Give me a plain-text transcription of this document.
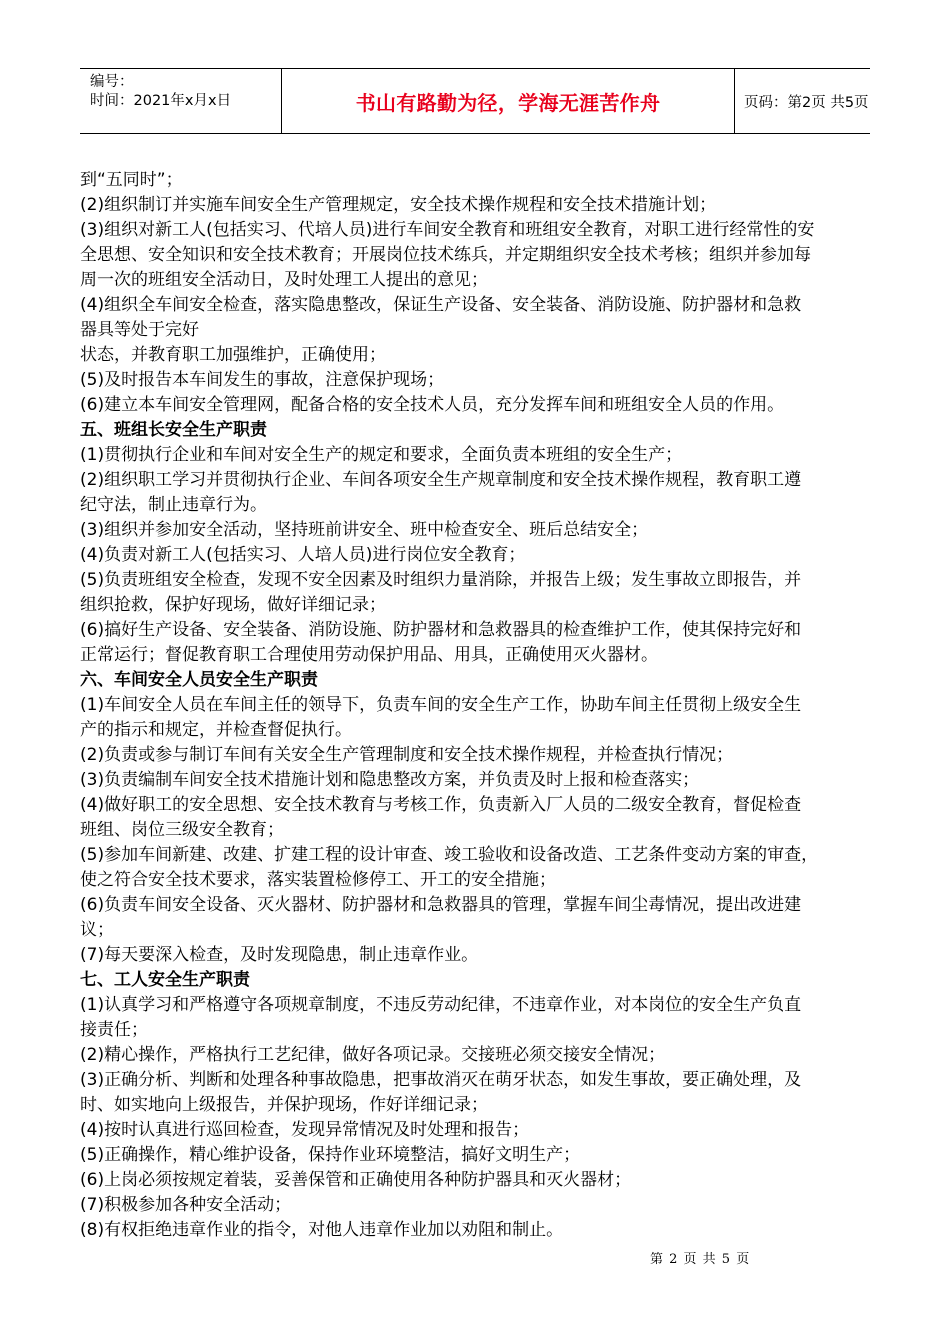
编号：
时间：2021年x月x日	书山有路勤为径，学海无涯苦作舟	页码：第2页 共5页

到“五同时”；

(2)组织制订并实施车间安全生产管理规定，安全技术操作规程和安全技术措施计划；

(3)组织对新工人(包括实习、代培人员)进行车间安全教育和班组安全教育，对职工进行经常性的安

全思想、安全知识和安全技术教育；开展岗位技术练兵，并定期组织安全技术考核；组织并参加每

周一次的班组安全活动日，及时处理工人提出的意见；

(4)组织全车间安全检查，落实隐患整改，保证生产设备、安全装备、消防设施、防护器材和急救

器具等处于完好

状态，并教育职工加强维护，正确使用；

(5)及时报告本车间发生的事故，注意保护现场；

(6)建立本车间安全管理网，配备合格的安全技术人员，充分发挥车间和班组安全人员的作用。

五、班组长安全生产职责

(1)贯彻执行企业和车间对安全生产的规定和要求，全面负责本班组的安全生产；

(2)组织职工学习并贯彻执行企业、车间各项安全生产规章制度和安全技术操作规程，教育职工遵

纪守法，制止违章行为。

(3)组织并参加安全活动，坚持班前讲安全、班中检查安全、班后总结安全；

(4)负责对新工人(包括实习、人培人员)进行岗位安全教育；

(5)负责班组安全检查，发现不安全因素及时组织力量消除，并报告上级；发生事故立即报告，并

组织抢救，保护好现场，做好详细记录；

(6)搞好生产设备、安全装备、消防设施、防护器材和急救器具的检查维护工作，使其保持完好和

正常运行；督促教育职工合理使用劳动保护用品、用具，正确使用灭火器材。

六、车间安全人员安全生产职责

(1)车间安全人员在车间主任的领导下，负责车间的安全生产工作，协助车间主任贯彻上级安全生

产的指示和规定，并检查督促执行。

(2)负责或参与制订车间有关安全生产管理制度和安全技术操作规程，并检查执行情况；

(3)负责编制车间安全技术措施计划和隐患整改方案，并负责及时上报和检查落实；

(4)做好职工的安全思想、安全技术教育与考核工作，负责新入厂人员的二级安全教育，督促检查

班组、岗位三级安全教育；

(5)参加车间新建、改建、扩建工程的设计审查、竣工验收和设备改造、工艺条件变动方案的审查，

使之符合安全技术要求，落实装置检修停工、开工的安全措施；

(6)负责车间安全设备、灭火器材、防护器材和急救器具的管理，掌握车间尘毒情况，提出改进建

议；

(7)每天要深入检查，及时发现隐患，制止违章作业。

七、工人安全生产职责

(1)认真学习和严格遵守各项规章制度，不违反劳动纪律，不违章作业，对本岗位的安全生产负直

接责任；

(2)精心操作，严格执行工艺纪律，做好各项记录。交接班必须交接安全情况；

(3)正确分析、判断和处理各种事故隐患，把事故消灭在萌牙状态，如发生事故，要正确处理，及

时、如实地向上级报告，并保护现场，作好详细记录；

(4)按时认真进行巡回检查，发现异常情况及时处理和报告；

(5)正确操作，精心维护设备，保持作业环境整洁，搞好文明生产；

(6)上岗必须按规定着装，妥善保管和正确使用各种防护器具和灭火器材；

(7)积极参加各种安全活动；

(8)有权拒绝违章作业的指令，对他人违章作业加以劝阻和制止。

第 2 页 共 5 页
